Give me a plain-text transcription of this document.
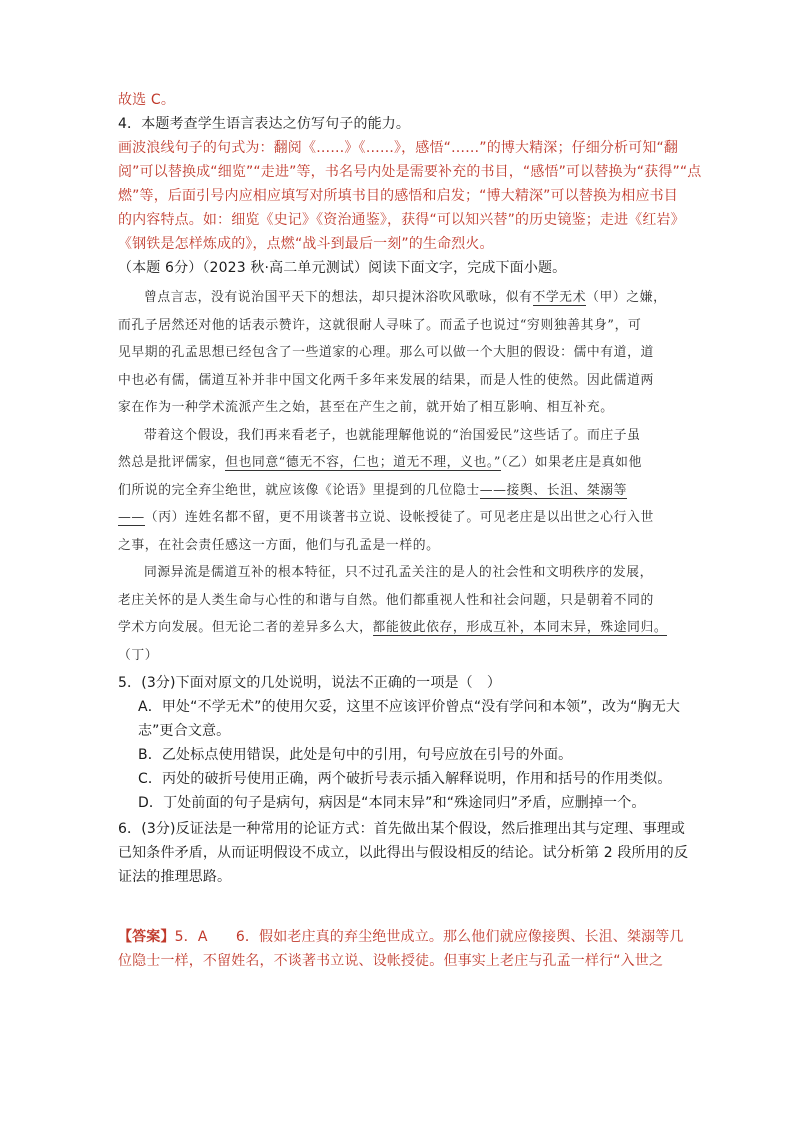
故选 C。
4．本题考查学生语言表达之仿写句子的能力。
画波浪线句子的句式为：翻阅《……》《……》，感悟“……”的博大精深；仔细分析可知“翻
阅”可以替换成“细览”“走进”等，书名号内处是需要补充的书目，“感悟”可以替换为“获得”“点
燃”等，后面引号内应相应填写对所填书目的感悟和启发；“博大精深”可以替换为相应书目
的内容特点。如：细览《史记》《资治通鉴》，获得“可以知兴替”的历史镜鉴；走进《红岩》
《钢铁是怎样炼成的》，点燃“战斗到最后一刻”的生命烈火。
（本题 6分）（2023 秋·高二单元测试）阅读下面文字，完成下面小题。
曾点言志，没有说治国平天下的想法，却只提沐浴吹风歌咏，似有不学无术（甲）之嫌，
而孔子居然还对他的话表示赞许，这就很耐人寻味了。而孟子也说过“穷则独善其身”，可
见早期的孔孟思想已经包含了一些道家的心理。那么可以做一个大胆的假设：儒中有道，道
中也必有儒，儒道互补并非中国文化两千多年来发展的结果，而是人性的使然。因此儒道两
家在作为一种学术流派产生之始，甚至在产生之前，就开始了相互影响、相互补充。
带着这个假设，我们再来看老子，也就能理解他说的“治国爱民”这些话了。而庄子虽
然总是批评儒家，但也同意“德无不容，仁也；道无不理，义也。”（乙）如果老庄是真如他
们所说的完全弃尘绝世，就应该像《论语》里提到的几位隐士——接舆、长沮、桀溺等
——（丙）连姓名都不留，更不用谈著书立说、设帐授徒了。可见老庄是以出世之心行入世
之事，在社会责任感这一方面，他们与孔孟是一样的。
同源异流是儒道互补的根本特征，只不过孔孟关注的是人的社会性和文明秩序的发展，
老庄关怀的是人类生命与心性的和谐与自然。他们都重视人性和社会问题，只是朝着不同的
学术方向发展。但无论二者的差异多么大，都能彼此依存，形成互补，本同末异，殊途同归。
（丁）
5．(3分)下面对原文的几处说明，说法不正确的一项是（　）
A．甲处“不学无术”的使用欠妥，这里不应该评价曾点“没有学问和本领”，改为“胸无大
志”更合文意。
B．乙处标点使用错误，此处是句中的引用，句号应放在引号的外面。
C．丙处的破折号使用正确，两个破折号表示插入解释说明，作用和括号的作用类似。
D．丁处前面的句子是病句，病因是“本同末异”和“殊途同归”矛盾，应删掉一个。
6．(3分)反证法是一种常用的论证方式：首先做出某个假设，然后推理出其与定理、事理或
已知条件矛盾，从而证明假设不成立，以此得出与假设相反的结论。试分析第 2 段所用的反
证法的推理思路。
【答案】5．A　　6．假如老庄真的弃尘绝世成立。那么他们就应像接舆、长沮、桀溺等几
位隐士一样，不留姓名，不谈著书立说、设帐授徒。但事实上老庄与孔孟一样行“入世之
